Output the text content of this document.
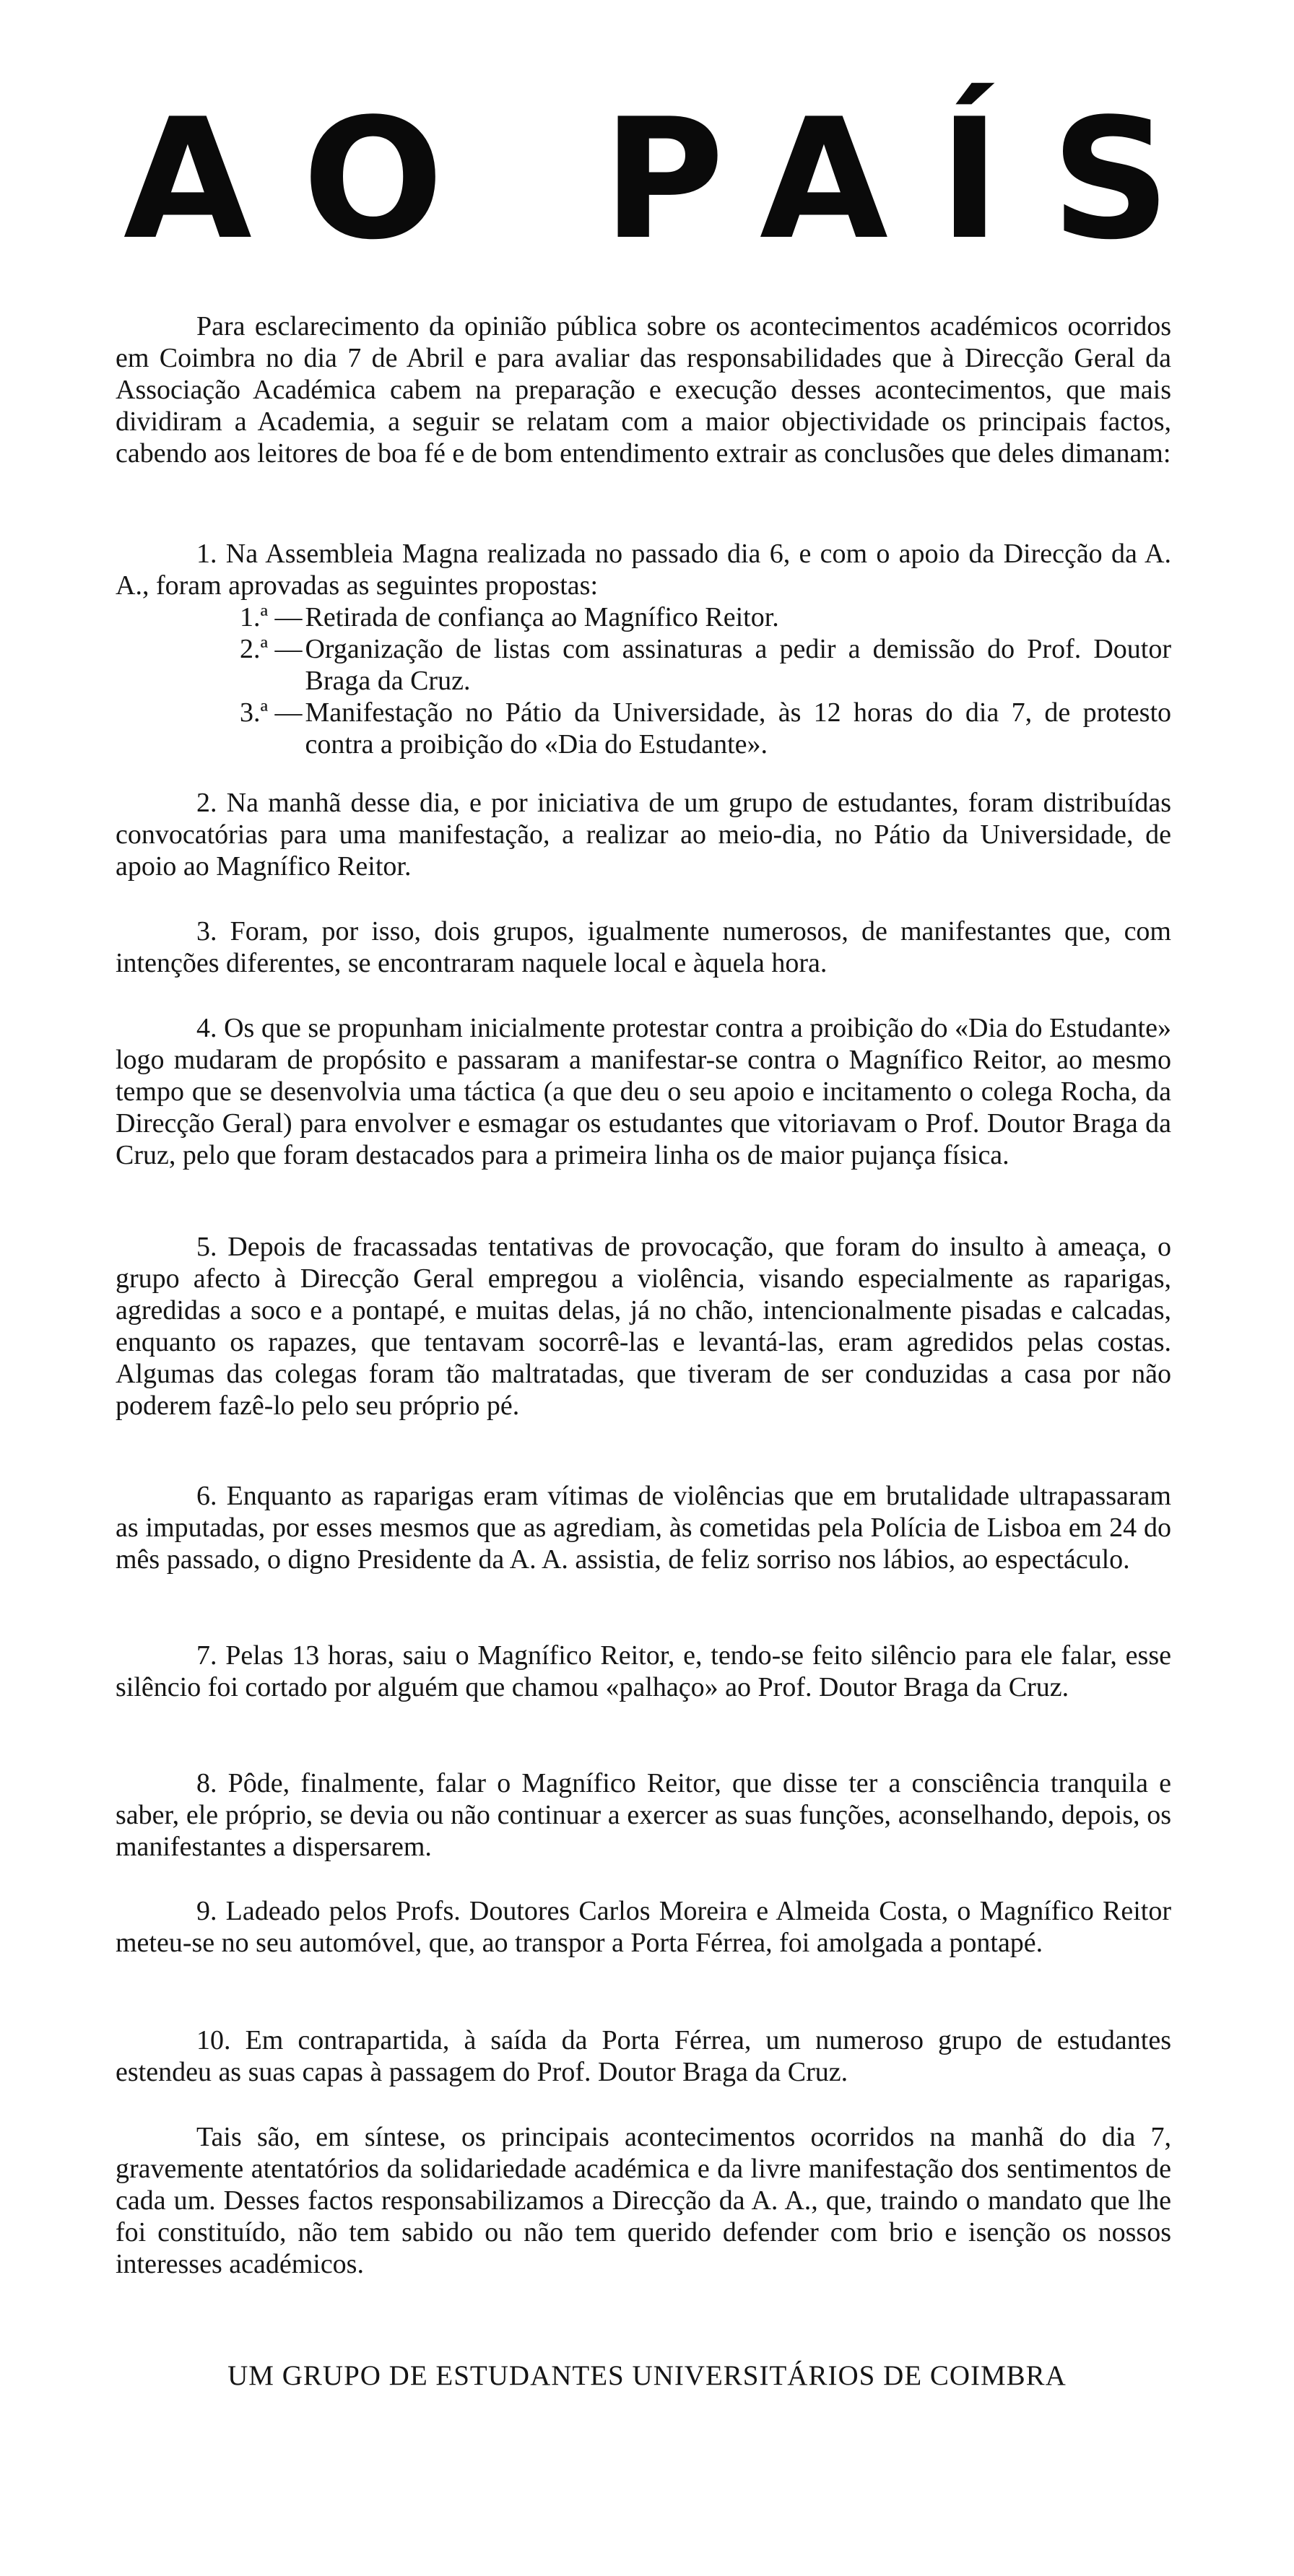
AO PAÍS

Para esclarecimento da opinião pública sobre os acontecimentos académicos ocorridos em Coimbra no dia 7 de Abril e para avaliar das responsabilidades que à Direcção Geral da Associação Académica cabem na preparação e execução desses acontecimentos, que mais dividiram a Academia, a seguir se relatam com a maior objectividade os principais factos, cabendo aos leitores de boa fé e de bom entendimento extrair as conclusões que deles dimanam:

1. Na Assembleia Magna realizada no passado dia 6, e com o apoio da Direcção da A. A., foram aprovadas as seguintes propostas:

1.ª — Retirada de confiança ao Magnífico Reitor.
2.ª — Organização de listas com assinaturas a pedir a demissão do Prof. Doutor Braga da Cruz.
3.ª — Manifestação no Pátio da Universidade, às 12 horas do dia 7, de protesto contra a proibição do «Dia do Estudante».

2. Na manhã desse dia, e por iniciativa de um grupo de estudantes, foram distribuídas convocatórias para uma manifestação, a realizar ao meio-dia, no Pátio da Universidade, de apoio ao Magnífico Reitor.

3. Foram, por isso, dois grupos, igualmente numerosos, de manifestantes que, com intenções diferentes, se encontraram naquele local e àquela hora.

4. Os que se propunham inicialmente protestar contra a proibição do «Dia do Estudante» logo mudaram de propósito e passaram a manifestar-se contra o Magnífico Reitor, ao mesmo tempo que se desenvolvia uma táctica (a que deu o seu apoio e incitamento o colega Rocha, da Direcção Geral) para envolver e esmagar os estudantes que vitoriavam o Prof. Doutor Braga da Cruz, pelo que foram destacados para a primeira linha os de maior pujança física.

5. Depois de fracassadas tentativas de provocação, que foram do insulto à ameaça, o grupo afecto à Direcção Geral empregou a violência, visando especialmente as raparigas, agredidas a soco e a pontapé, e muitas delas, já no chão, intencionalmente pisadas e calcadas, enquanto os rapazes, que tentavam socorrê-las e levantá-las, eram agredidos pelas costas. Algumas das colegas foram tão maltratadas, que tiveram de ser conduzidas a casa por não poderem fazê-lo pelo seu próprio pé.

6. Enquanto as raparigas eram vítimas de violências que em brutalidade ultrapassaram as imputadas, por esses mesmos que as agrediam, às cometidas pela Polícia de Lisboa em 24 do mês passado, o digno Presidente da A. A. assistia, de feliz sorriso nos lábios, ao espectáculo.

7. Pelas 13 horas, saiu o Magnífico Reitor, e, tendo-se feito silêncio para ele falar, esse silêncio foi cortado por alguém que chamou «palhaço» ao Prof. Doutor Braga da Cruz.

8. Pôde, finalmente, falar o Magnífico Reitor, que disse ter a consciência tranquila e saber, ele próprio, se devia ou não continuar a exercer as suas funções, aconselhando, depois, os manifestantes a dispersarem.

9. Ladeado pelos Profs. Doutores Carlos Moreira e Almeida Costa, o Magnífico Reitor meteu-se no seu automóvel, que, ao transpor a Porta Férrea, foi amolgada a pontapé.

10. Em contrapartida, à saída da Porta Férrea, um numeroso grupo de estudantes estendeu as suas capas à passagem do Prof. Doutor Braga da Cruz.

Tais são, em síntese, os principais acontecimentos ocorridos na manhã do dia 7, gravemente atentatórios da solidariedade académica e da livre manifestação dos sentimentos de cada um. Desses factos responsabilizamos a Direcção da A. A., que, traindo o mandato que lhe foi constituído, não tem sabido ou não tem querido defender com brio e isenção os nossos interesses académicos.

UM GRUPO DE ESTUDANTES UNIVERSITÁRIOS DE COIMBRA
